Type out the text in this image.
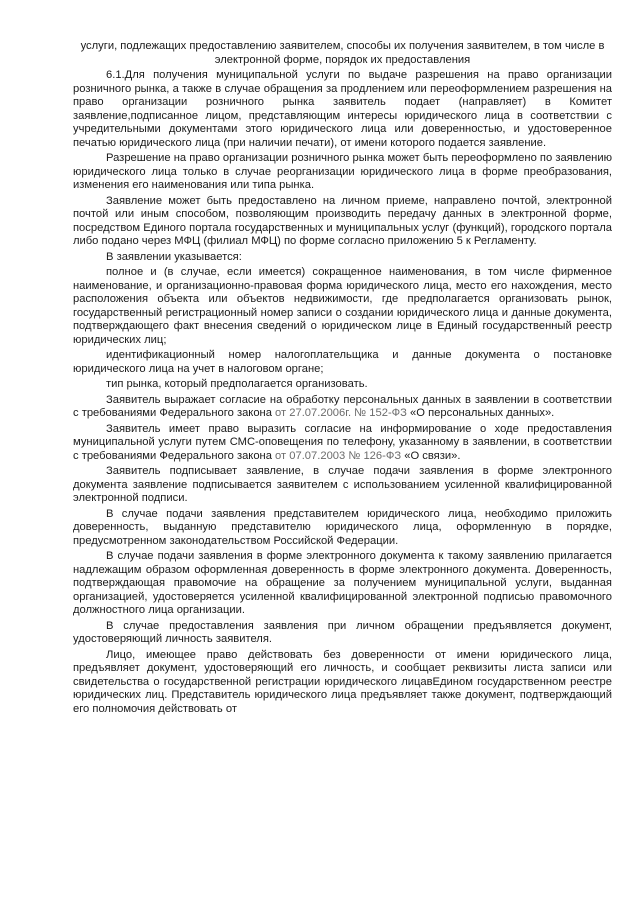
услуги, подлежащих предоставлению заявителем, способы их получения заявителем, в том числе в электронной форме, порядок их предоставления
6.1.Для получения муниципальной услуги по выдаче разрешения на право организации розничного рынка, а также в случае обращения за продлением или переоформлением разрешения на право организации розничного рынка заявитель подает (направляет) в Комитет заявление,подписанное лицом, представляющим интересы юридического лица в соответствии с учредительными документами этого юридического лица или доверенностью, и удостоверенное печатью юридического лица (при наличии печати), от имени которого подается заявление.
Разрешение на право организации розничного рынка может быть переоформлено по заявлению юридического лица только в случае реорганизации юридического лица в форме преобразования, изменения его наименования или типа рынка.
Заявление может быть предоставлено на личном приеме, направлено почтой, электронной почтой или иным способом, позволяющим производить передачу данных в электронной форме, посредством Единого портала государственных и муниципальных услуг (функций), городского портала либо подано через МФЦ (филиал МФЦ) по форме согласно приложению 5 к Регламенту.
В заявлении указывается:
полное и (в случае, если имеется) сокращенное наименования, в том числе фирменное наименование, и организационно-правовая форма юридического лица, место его нахождения, место расположения объекта или объектов недвижимости, где предполагается организовать рынок, государственный регистрационный номер записи о создании юридического лица и данные документа, подтверждающего факт внесения сведений о юридическом лице в Единый государственный реестр юридических лиц;
идентификационный номер налогоплательщика и данные документа о постановке юридического лица на учет в налоговом органе;
тип рынка, который предполагается организовать.
Заявитель выражает согласие на обработку персональных данных в заявлении в соответствии с требованиями Федерального закона от 27.07.2006г. № 152-ФЗ «О персональных данных».
Заявитель имеет право выразить согласие на информирование о ходе предоставления муниципальной услуги путем СМС-оповещения по телефону, указанному в заявлении, в соответствии с требованиями Федерального закона от 07.07.2003 № 126-ФЗ «О связи».
Заявитель подписывает заявление, в случае подачи заявления в форме электронного документа заявление подписывается заявителем с использованием усиленной квалифицированной электронной подписи.
В случае подачи заявления представителем юридического лица, необходимо приложить доверенность, выданную представителю юридического лица, оформленную в порядке, предусмотренном законодательством Российской Федерации.
В случае подачи заявления в форме электронного документа к такому заявлению прилагается надлежащим образом оформленная доверенность в форме электронного документа. Доверенность, подтверждающая правомочие на обращение за получением муниципальной услуги, выданная организацией, удостоверяется усиленной квалифицированной электронной подписью правомочного должностного лица организации.
В случае предоставления заявления при личном обращении предъявляется документ, удостоверяющий личность заявителя.
Лицо, имеющее право действовать без доверенности от имени юридического лица, предъявляет документ, удостоверяющий его личность, и сообщает реквизиты листа записи или свидетельства о государственной регистрации юридического лицавЕдином государственном реестре юридических лиц. Представитель юридического лица предъявляет также документ, подтверждающий его полномочия действовать от
